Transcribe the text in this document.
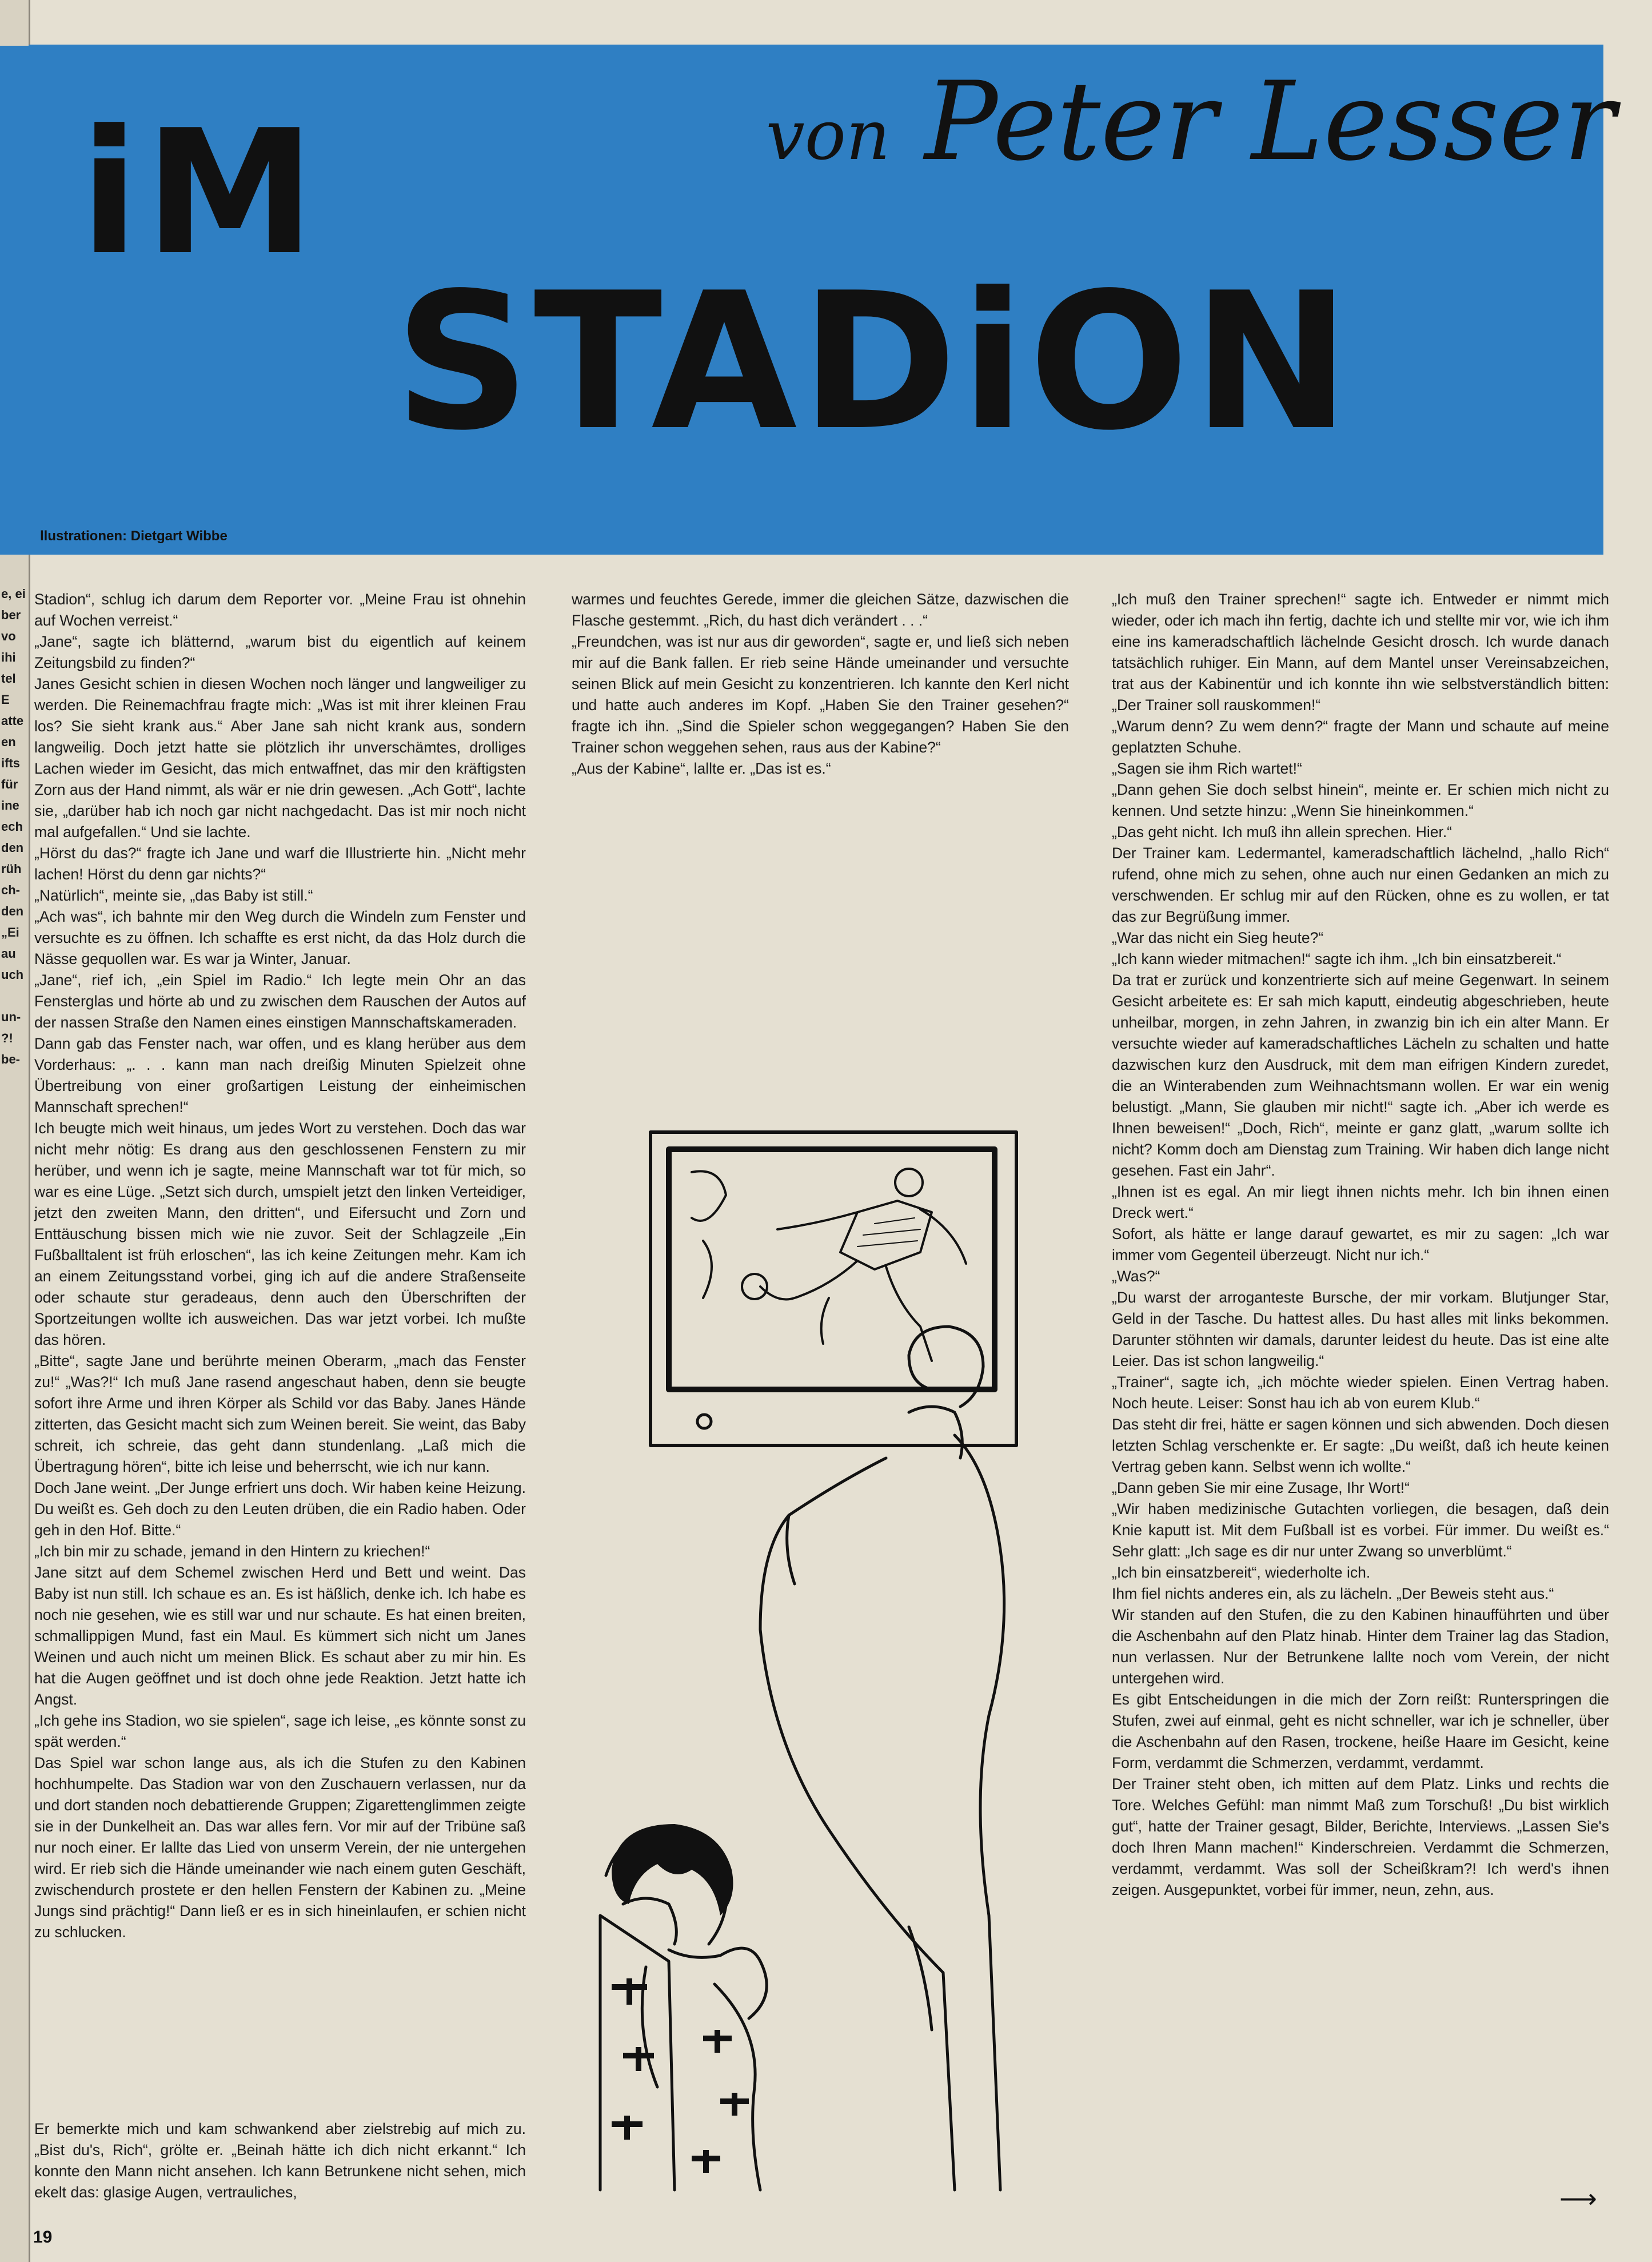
e, ei
ber
vo
ihi
tel
E
atte
en
ifts
für
ine
ech
den
rüh
ch-
den
„Ei
au
uch

un-
?!
be-
iM
STADiON
von Peter Lesser
llustrationen: Dietgart Wibbe

Stadion“, schlug ich darum dem Reporter vor. „Meine Frau ist ohnehin auf Wochen verreist.“

„Jane“, sagte ich blätternd, „warum bist du eigentlich auf keinem Zeitungsbild zu finden?“

Janes Gesicht schien in diesen Wochen noch länger und langweiliger zu werden. Die Reinemachfrau fragte mich: „Was ist mit ihrer kleinen Frau los? Sie sieht krank aus.“ Aber Jane sah nicht krank aus, sondern langweilig. Doch jetzt hatte sie plötzlich ihr unverschämtes, drolliges Lachen wieder im Gesicht, das mich entwaffnet, das mir den kräftigsten Zorn aus der Hand nimmt, als wär er nie drin gewesen. „Ach Gott“, lachte sie, „darüber hab ich noch gar nicht nachgedacht. Das ist mir noch nicht mal aufgefallen.“ Und sie lachte.

„Hörst du das?“ fragte ich Jane und warf die Illustrierte hin. „Nicht mehr lachen! Hörst du denn gar nichts?“

„Natürlich“, meinte sie, „das Baby ist still.“

„Ach was“, ich bahnte mir den Weg durch die Windeln zum Fenster und versuchte es zu öffnen. Ich schaffte es erst nicht, da das Holz durch die Nässe gequollen war. Es war ja Winter, Januar.

„Jane“, rief ich, „ein Spiel im Radio.“ Ich legte mein Ohr an das Fensterglas und hörte ab und zu zwischen dem Rauschen der Autos auf der nassen Straße den Namen eines einstigen Mannschaftskameraden.

Dann gab das Fenster nach, war offen, und es klang herüber aus dem Vorderhaus: „. . . kann man nach dreißig Minuten Spielzeit ohne Übertreibung von einer großartigen Leistung der einheimischen Mannschaft sprechen!“

Ich beugte mich weit hinaus, um jedes Wort zu verstehen. Doch das war nicht mehr nötig: Es drang aus den geschlossenen Fenstern zu mir herüber, und wenn ich je sagte, meine Mannschaft war tot für mich, so war es eine Lüge. „Setzt sich durch, umspielt jetzt den linken Verteidiger, jetzt den zweiten Mann, den dritten“, und Eifersucht und Zorn und Enttäuschung bissen mich wie nie zuvor. Seit der Schlagzeile „Ein Fußballtalent ist früh erloschen“, las ich keine Zeitungen mehr. Kam ich an einem Zeitungsstand vorbei, ging ich auf die andere Straßenseite oder schaute stur geradeaus, denn auch den Überschriften der Sportzeitungen wollte ich ausweichen. Das war jetzt vorbei. Ich mußte das hören.

„Bitte“, sagte Jane und berührte meinen Oberarm, „mach das Fenster zu!“ „Was?!“ Ich muß Jane rasend angeschaut haben, denn sie beugte sofort ihre Arme und ihren Körper als Schild vor das Baby. Janes Hände zitterten, das Gesicht macht sich zum Weinen bereit. Sie weint, das Baby schreit, ich schreie, das geht dann stundenlang. „Laß mich die Übertragung hören“, bitte ich leise und beherrscht, wie ich nur kann.

Doch Jane weint. „Der Junge erfriert uns doch. Wir haben keine Heizung. Du weißt es. Geh doch zu den Leuten drüben, die ein Radio haben. Oder geh in den Hof. Bitte.“

„Ich bin mir zu schade, jemand in den Hintern zu kriechen!“

Jane sitzt auf dem Schemel zwischen Herd und Bett und weint. Das Baby ist nun still. Ich schaue es an. Es ist häßlich, denke ich. Ich habe es noch nie gesehen, wie es still war und nur schaute. Es hat einen breiten, schmallippigen Mund, fast ein Maul. Es kümmert sich nicht um Janes Weinen und auch nicht um meinen Blick. Es schaut aber zu mir hin. Es hat die Augen geöffnet und ist doch ohne jede Reaktion. Jetzt hatte ich Angst.

„Ich gehe ins Stadion, wo sie spielen“, sage ich leise, „es könnte sonst zu spät werden.“

Das Spiel war schon lange aus, als ich die Stufen zu den Kabinen hochhumpelte. Das Stadion war von den Zuschauern verlassen, nur da und dort standen noch debattierende Gruppen; Zigarettenglimmen zeigte sie in der Dunkelheit an. Das war alles fern. Vor mir auf der Tribüne saß nur noch einer. Er lallte das Lied von unserm Verein, der nie untergehen wird. Er rieb sich die Hände umeinander wie nach einem guten Geschäft, zwischendurch prostete er den hellen Fenstern der Kabinen zu. „Meine Jungs sind prächtig!“ Dann ließ er es in sich hineinlaufen, er schien nicht zu schlucken.

Er bemerkte mich und kam schwankend aber zielstrebig auf mich zu. „Bist du's, Rich“, grölte er. „Beinah hätte ich dich nicht erkannt.“ Ich konnte den Mann nicht ansehen. Ich kann Betrunkene nicht sehen, mich ekelt das: glasige Augen, vertrauliches,

warmes und feuchtes Gerede, immer die gleichen Sätze, dazwischen die Flasche gestemmt. „Rich, du hast dich verändert . . .“

„Freundchen, was ist nur aus dir geworden“, sagte er, und ließ sich neben mir auf die Bank fallen. Er rieb seine Hände umeinander und versuchte seinen Blick auf mein Gesicht zu konzentrieren. Ich kannte den Kerl nicht und hatte auch anderes im Kopf. „Haben Sie den Trainer gesehen?“ fragte ich ihn. „Sind die Spieler schon weggegangen? Haben Sie den Trainer schon weggehen sehen, raus aus der Kabine?“

„Aus der Kabine“, lallte er. „Das ist es.“

„Ich muß den Trainer sprechen!“ sagte ich. Entweder er nimmt mich wieder, oder ich mach ihn fertig, dachte ich und stellte mir vor, wie ich ihm eine ins kameradschaftlich lächelnde Gesicht drosch. Ich wurde danach tatsächlich ruhiger. Ein Mann, auf dem Mantel unser Vereinsabzeichen, trat aus der Kabinentür und ich konnte ihn wie selbstverständlich bitten: „Der Trainer soll rauskommen!“

„Warum denn? Zu wem denn?“ fragte der Mann und schaute auf meine geplatzten Schuhe.

„Sagen sie ihm Rich wartet!“

„Dann gehen Sie doch selbst hinein“, meinte er. Er schien mich nicht zu kennen. Und setzte hinzu: „Wenn Sie hineinkommen.“

„Das geht nicht. Ich muß ihn allein sprechen. Hier.“

Der Trainer kam. Ledermantel, kameradschaftlich lächelnd, „hallo Rich“ rufend, ohne mich zu sehen, ohne auch nur einen Gedanken an mich zu verschwenden. Er schlug mir auf den Rücken, ohne es zu wollen, er tat das zur Begrüßung immer.

„War das nicht ein Sieg heute?“

„Ich kann wieder mitmachen!“ sagte ich ihm. „Ich bin einsatzbereit.“

Da trat er zurück und konzentrierte sich auf meine Gegenwart. In seinem Gesicht arbeitete es: Er sah mich kaputt, eindeutig abgeschrieben, heute unheilbar, morgen, in zehn Jahren, in zwanzig bin ich ein alter Mann. Er versuchte wieder auf kameradschaftliches Lächeln zu schalten und hatte dazwischen kurz den Ausdruck, mit dem man eifrigen Kindern zuredet, die an Winterabenden zum Weihnachtsmann wollen. Er war ein wenig belustigt. „Mann, Sie glauben mir nicht!“ sagte ich. „Aber ich werde es Ihnen beweisen!“ „Doch, Rich“, meinte er ganz glatt, „warum sollte ich nicht? Komm doch am Dienstag zum Training. Wir haben dich lange nicht gesehen. Fast ein Jahr“.

„Ihnen ist es egal. An mir liegt ihnen nichts mehr. Ich bin ihnen einen Dreck wert.“

Sofort, als hätte er lange darauf gewartet, es mir zu sagen: „Ich war immer vom Gegenteil überzeugt. Nicht nur ich.“

„Was?“

„Du warst der arroganteste Bursche, der mir vorkam. Blutjunger Star, Geld in der Tasche. Du hattest alles. Du hast alles mit links bekommen. Darunter stöhnten wir damals, darunter leidest du heute. Das ist eine alte Leier. Das ist schon langweilig.“

„Trainer“, sagte ich, „ich möchte wieder spielen. Einen Vertrag haben. Noch heute. Leiser: Sonst hau ich ab von eurem Klub.“

Das steht dir frei, hätte er sagen können und sich abwenden. Doch diesen letzten Schlag verschenkte er. Er sagte: „Du weißt, daß ich heute keinen Vertrag geben kann. Selbst wenn ich wollte.“

„Dann geben Sie mir eine Zusage, Ihr Wort!“

„Wir haben medizinische Gutachten vorliegen, die besagen, daß dein Knie kaputt ist. Mit dem Fußball ist es vorbei. Für immer. Du weißt es.“ Sehr glatt: „Ich sage es dir nur unter Zwang so unverblümt.“

„Ich bin einsatzbereit“, wiederholte ich.

Ihm fiel nichts anderes ein, als zu lächeln. „Der Beweis steht aus.“

Wir standen auf den Stufen, die zu den Kabinen hinaufführten und über die Aschenbahn auf den Platz hinab. Hinter dem Trainer lag das Stadion, nun verlassen. Nur der Betrunkene lallte noch vom Verein, der nicht untergehen wird.

Es gibt Entscheidungen in die mich der Zorn reißt: Runterspringen die Stufen, zwei auf einmal, geht es nicht schneller, war ich je schneller, über die Aschenbahn auf den Rasen, trockene, heiße Haare im Gesicht, keine Form, verdammt die Schmerzen, verdammt, verdammt.

Der Trainer steht oben, ich mitten auf dem Platz. Links und rechts die Tore. Welches Gefühl: man nimmt Maß zum Torschuß! „Du bist wirklich gut“, hatte der Trainer gesagt, Bilder, Berichte, Interviews. „Lassen Sie's doch Ihren Mann machen!“ Kinderschreien. Verdammt die Schmerzen, verdammt, verdammt. Was soll der Scheißkram?! Ich werd's ihnen zeigen. Ausgepunktet, vorbei für immer, neun, zehn, aus.

19
⟶
